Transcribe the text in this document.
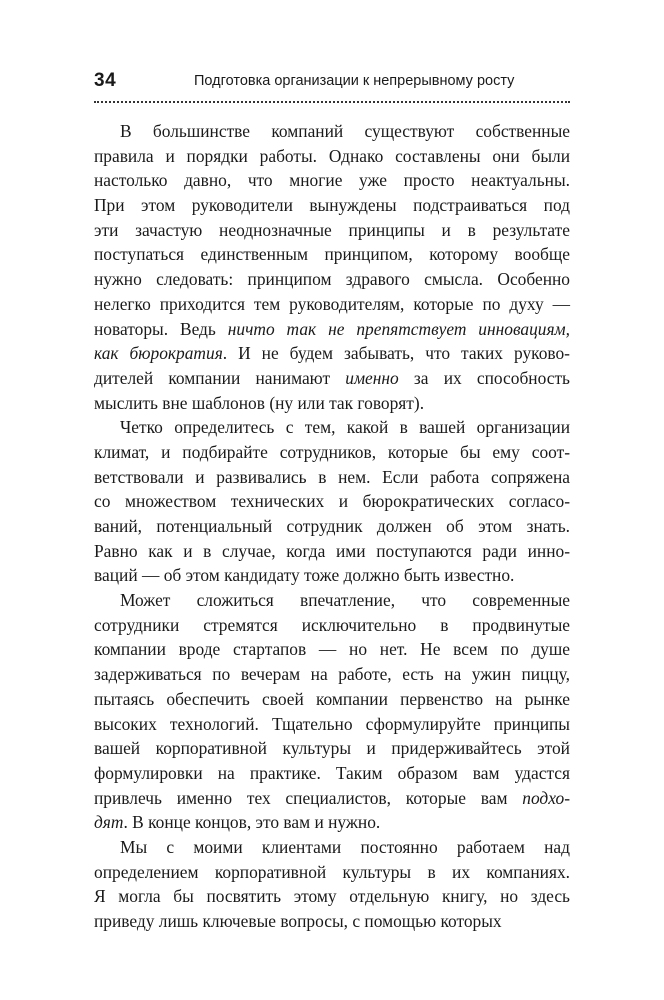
34	Подготовка организации к непрерывному росту
В большинстве компаний существуют собственные
правила и порядки работы. Однако составлены они были
настолько давно, что многие уже просто неактуальны.
При этом руководители вынуждены подстраиваться под
эти зачастую неоднозначные принципы и в результате
поступаться единственным принципом, которому вообще
нужно следовать: принципом здравого смысла. Особенно
нелегко приходится тем руководителям, которые по духу —
новаторы. Ведь ничто так не препятствует инновациям,
как бюрократия. И не будем забывать, что таких руково-
дителей компании нанимают именно за их способность
мыслить вне шаблонов (ну или так говорят).
Четко определитесь с тем, какой в вашей организации
климат, и подбирайте сотрудников, которые бы ему соот-
ветствовали и развивались в нем. Если работа сопряжена
со множеством технических и бюрократических согласо-
ваний, потенциальный сотрудник должен об этом знать.
Равно как и в случае, когда ими поступаются ради инно-
ваций — об этом кандидату тоже должно быть известно.
Может сложиться впечатление, что современные
сотрудники стремятся исключительно в продвинутые
компании вроде стартапов — но нет. Не всем по душе
задерживаться по вечерам на работе, есть на ужин пиццу,
пытаясь обеспечить своей компании первенство на рынке
высоких технологий. Тщательно сформулируйте принципы
вашей корпоративной культуры и придерживайтесь этой
формулировки на практике. Таким образом вам удастся
привлечь именно тех специалистов, которые вам подхо-
дят. В конце концов, это вам и нужно.
Мы с моими клиентами постоянно работаем над
определением корпоративной культуры в их компаниях.
Я могла бы посвятить этому отдельную книгу, но здесь
приведу лишь ключевые вопросы, с помощью которых
